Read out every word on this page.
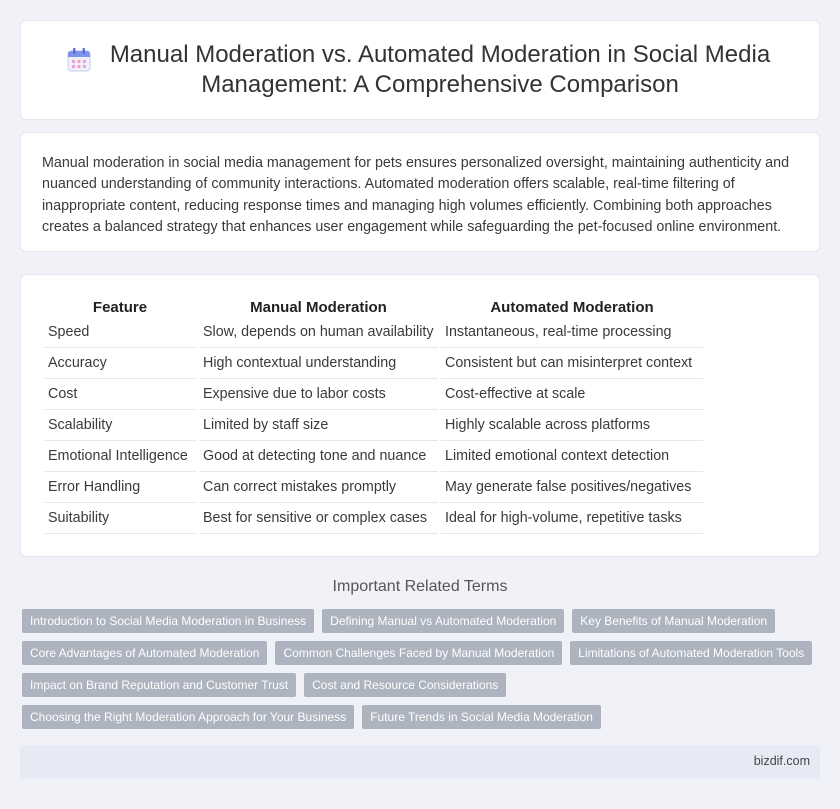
Manual Moderation vs. Automated Moderation in Social Media Management: A Comprehensive Comparison

Manual moderation in social media management for pets ensures personalized oversight, maintaining authenticity and nuanced understanding of community interactions. Automated moderation offers scalable, real-time filtering of inappropriate content, reducing response times and managing high volumes efficiently. Combining both approaches creates a balanced strategy that enhances user engagement while safeguarding the pet-focused online environment.

Feature	Manual Moderation	Automated Moderation
Speed	Slow, depends on human availability	Instantaneous, real-time processing
Accuracy	High contextual understanding	Consistent but can misinterpret context
Cost	Expensive due to labor costs	Cost-effective at scale
Scalability	Limited by staff size	Highly scalable across platforms
Emotional Intelligence	Good at detecting tone and nuance	Limited emotional context detection
Error Handling	Can correct mistakes promptly	May generate false positives/negatives
Suitability	Best for sensitive or complex cases	Ideal for high-volume, repetitive tasks
Important Related Terms
Introduction to Social Media Moderation in Business	Defining Manual vs Automated Moderation	Key Benefits of Manual Moderation
Core Advantages of Automated Moderation	Common Challenges Faced by Manual Moderation	Limitations of Automated Moderation Tools
Impact on Brand Reputation and Customer Trust	Cost and Resource Considerations
Choosing the Right Moderation Approach for Your Business	Future Trends in Social Media Moderation
bizdif.com
